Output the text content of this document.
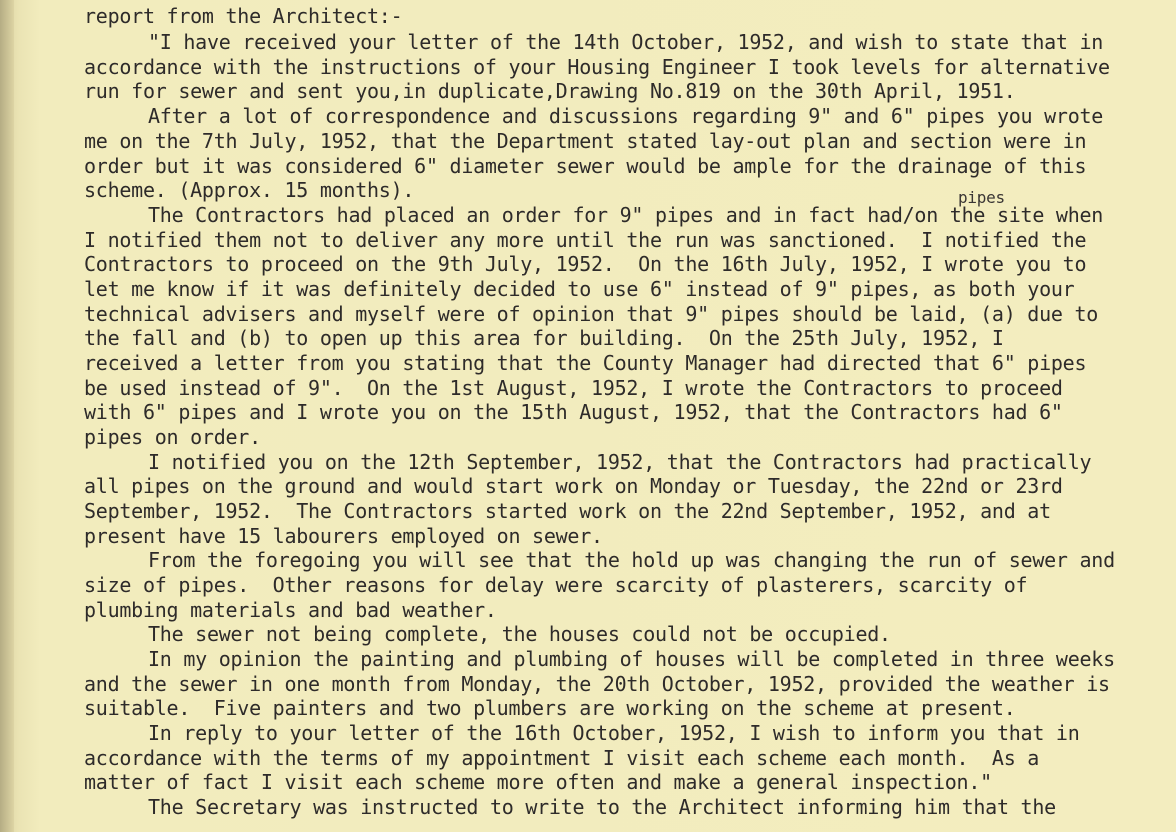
report from the Architect:-
"I have received your letter of the 14th October, 1952, and wish to state that in
accordance with the instructions of your Housing Engineer I took levels for alternative
run for sewer and sent you,in duplicate,Drawing No.819 on the 30th April, 1951.
After a lot of correspondence and discussions regarding 9" and 6" pipes you wrote
me on the 7th July, 1952, that the Department stated lay-out plan and section were in
order but it was considered 6" diameter sewer would be ample for the drainage of this
scheme. (Approx. 15 months).	pipes
The Contractors had placed an order for 9" pipes and in fact had/on the site when
I notified them not to deliver any more until the run was sanctioned.  I notified the
Contractors to proceed on the 9th July, 1952.  On the 16th July, 1952, I wrote you to
let me know if it was definitely decided to use 6" instead of 9" pipes, as both your
technical advisers and myself were of opinion that 9" pipes should be laid, (a) due to
the fall and (b) to open up this area for building.  On the 25th July, 1952, I
received a letter from you stating that the County Manager had directed that 6" pipes
be used instead of 9".  On the 1st August, 1952, I wrote the Contractors to proceed
with 6" pipes and I wrote you on the 15th August, 1952, that the Contractors had 6"
pipes on order.
I notified you on the 12th September, 1952, that the Contractors had practically
all pipes on the ground and would start work on Monday or Tuesday, the 22nd or 23rd
September, 1952.  The Contractors started work on the 22nd September, 1952, and at
present have 15 labourers employed on sewer.
From the foregoing you will see that the hold up was changing the run of sewer and
size of pipes.  Other reasons for delay were scarcity of plasterers, scarcity of
plumbing materials and bad weather.
The sewer not being complete, the houses could not be occupied.
In my opinion the painting and plumbing of houses will be completed in three weeks
and the sewer in one month from Monday, the 20th October, 1952, provided the weather is
suitable.  Five painters and two plumbers are working on the scheme at present.
In reply to your letter of the 16th October, 1952, I wish to inform you that in
accordance with the terms of my appointment I visit each scheme each month.  As a
matter of fact I visit each scheme more often and make a general inspection."
The Secretary was instructed to write to the Architect informing him that the
